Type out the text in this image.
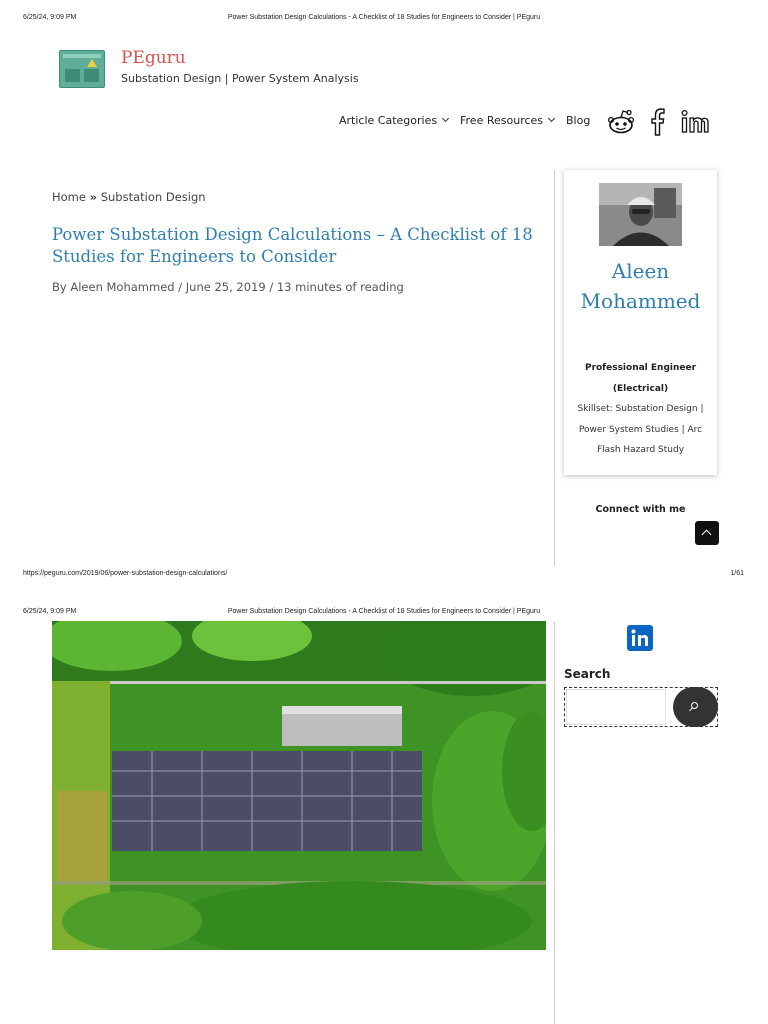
6/25/24, 9:09 PM	Power Substation Design Calculations - A Checklist of 18 Studies for Engineers to Consider | PEguru
PEguru
Substation Design | Power System Analysis
Article Categories	Free Resources	Blog
Home » Substation Design
Power Substation Design Calculations – A Checklist of 18 Studies for Engineers to Consider
By Aleen Mohammed / June 25, 2019 / 13 minutes of reading
Aleen Mohammed
Professional Engineer (Electrical)
Skillset: Substation Design | Power System Studies | Arc Flash Hazard Study
Connect with me
https://peguru.com/2019/06/power-substation-design-calculations/	1/61
6/25/24, 9:09 PM	Power Substation Design Calculations - A Checklist of 18 Studies for Engineers to Consider | PEguru
Search
